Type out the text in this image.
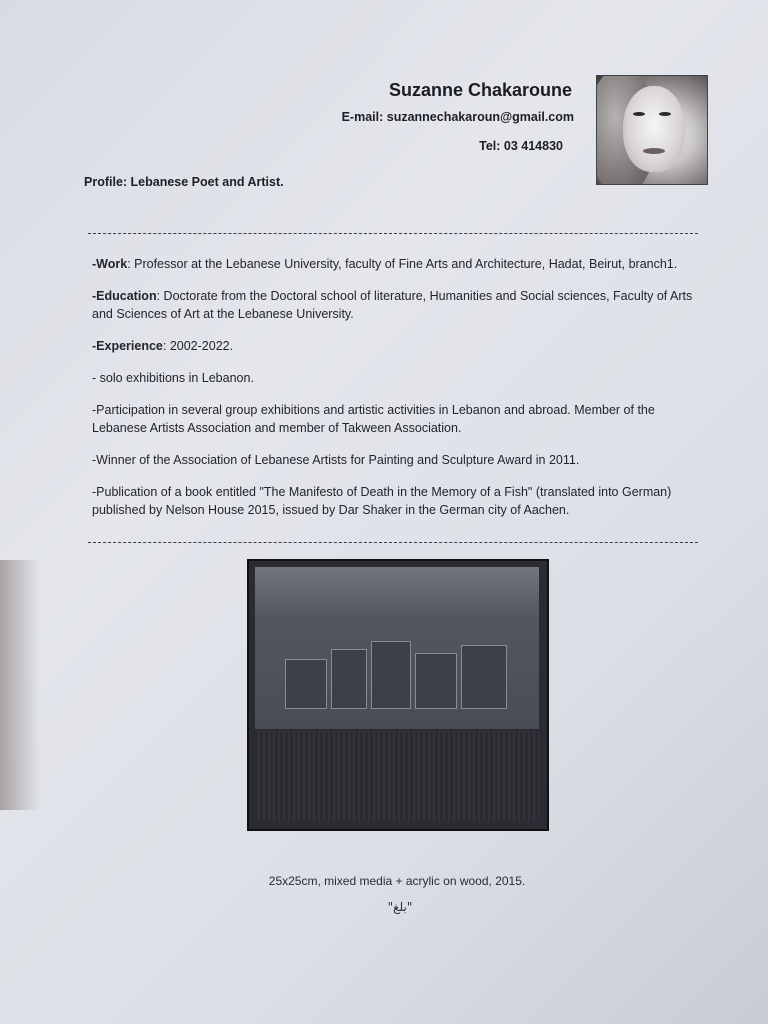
Suzanne Chakaroune
E-mail: suzannechakaroun@gmail.com
Tel: 03 414830
Profile: Lebanese Poet and Artist.

-Work: Professor at the Lebanese University, faculty of Fine Arts and Architecture, Hadat, Beirut, branch1.

-Education: Doctorate from the Doctoral school of literature, Humanities and Social sciences, Faculty of Arts and Sciences of Art at the Lebanese University.

-Experience: 2002-2022.

- solo exhibitions in Lebanon.

-Participation in several group exhibitions and artistic activities in Lebanon and abroad. Member of the Lebanese Artists Association and member of Takween Association.

-Winner of the Association of Lebanese Artists for Painting and Sculpture Award in 2011.

-Publication of a book entitled "The Manifesto of Death in the Memory of a Fish" (translated into German) published by Nelson House 2015, issued by Dar Shaker in the German city of Aachen.

25x25cm, mixed media + acrylic on wood, 2015.
"بلغ"
